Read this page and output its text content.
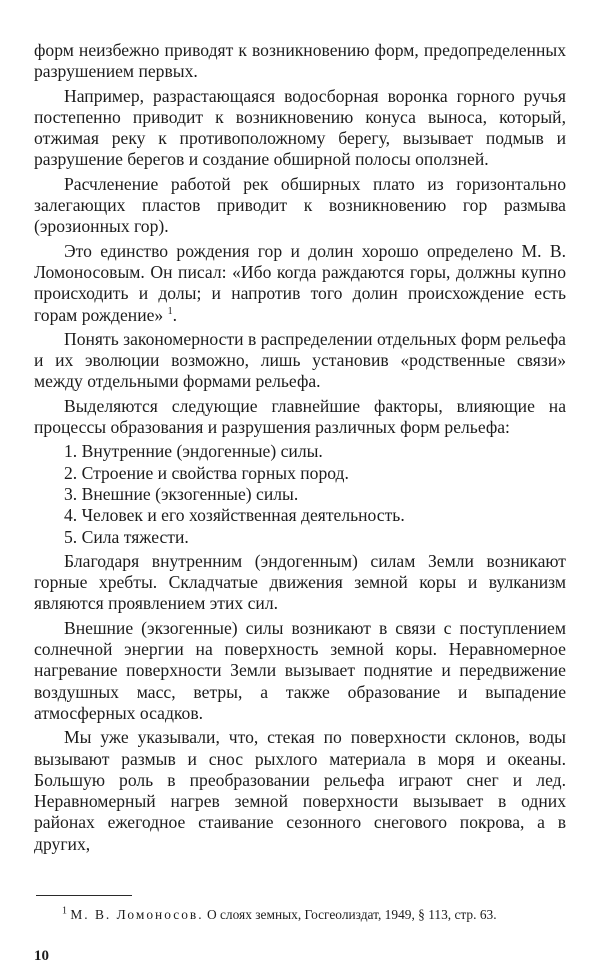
форм неизбежно приводят к возникновению форм, предопределенных разрушением первых.

Например, разрастающаяся водосборная воронка горного ручья постепенно приводит к возникновению конуса выноса, который, отжимая реку к противоположному берегу, вызывает подмыв и разрушение берегов и создание обширной полосы оползней.

Расчленение работой рек обширных плато из горизонтально залегающих пластов приводит к возникновению гор размыва (эрозионных гор).

Это единство рождения гор и долин хорошо определено М. В. Ломоносовым. Он писал: «Ибо когда раждаются горы, должны купно происходить и долы; и напротив того долин происхождение есть горам рождение» $^1$.

Понять закономерности в распределении отдельных форм рельефа и их эволюции возможно, лишь установив «родственные связи» между отдельными формами рельефа.

Выделяются следующие главнейшие факторы, влияющие на процессы образования и разрушения различных форм рельефа:

1. Внутренние (эндогенные) силы.
2. Строение и свойства горных пород.
3. Внешние (экзогенные) силы.
4. Человек и его хозяйственная деятельность.
5. Сила тяжести.

Благодаря внутренним (эндогенным) силам Земли возникают горные хребты. Складчатые движения земной коры и вулканизм являются проявлением этих сил.

Внешние (экзогенные) силы возникают в связи с поступлением солнечной энергии на поверхность земной коры. Неравномерное нагревание поверхности Земли вызывает поднятие и передвижение воздушных масс, ветры, а также образование и выпадение атмосферных осадков.

Мы уже указывали, что, стекая по поверхности склонов, воды вызывают размыв и снос рыхлого материала в моря и океаны. Большую роль в преобразовании рельефа играют снег и лед. Неравномерный нагрев земной поверхности вызывает в одних районах ежегодное стаивание сезонного снегового покрова, а в других,

$^1$ М. В. Ломоносов. О слоях земных, Госгеолиздат, 1949, § 113, стр. 63.
10
